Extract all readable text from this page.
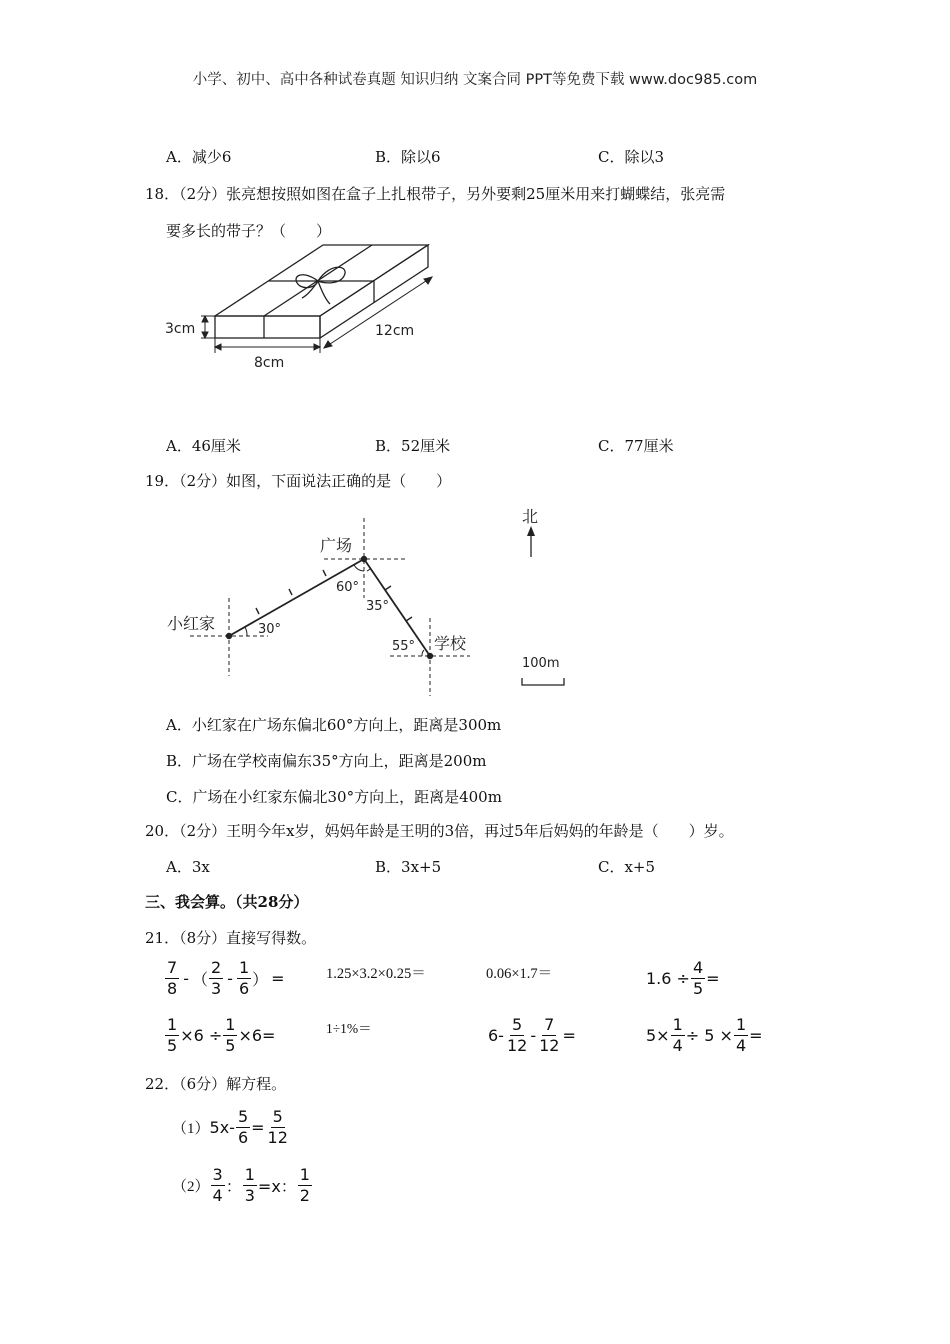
小学、初中、高中各种试卷真题 知识归纳 文案合同 PPT等免费下载 www.doc985.com
A．减少6	B．除以6	C．除以3
18．（2分）张亮想按照如图在盒子上扎根带子，另外要剩25厘米用来打蝴蝶结，张亮需
要多长的带子？（　　）
3cm
8cm
12cm
A．46厘米	B．52厘米	C．77厘米
19．（2分）如图，下面说法正确的是（　　）
北
100m
广场
小红家
学校
60°
35°
30°
55°
A．小红家在广场东偏北60°方向上，距离是300m
B．广场在学校南偏东35°方向上，距离是200m
C．广场在小红家东偏北30°方向上，距离是400m
20．（2分）王明今年x岁，妈妈年龄是王明的3倍，再过5年后妈妈的年龄是（　　）岁。
A．3x	B．3x+5	C．x+5
三、我会算。（共28分）
21．（8分）直接写得数。
$\frac{7}{8}$ - （ $\frac{2}{3} - \frac{1}{6}$ ） =	1.25×3.2×0.25＝	0.06×1.7＝	$1.6 \div \frac{4}{5}$ =
$\frac{1}{5} \times 6 \div \frac{1}{5} \times 6=$	1÷1%＝	$6- \frac{5}{12} - \frac{7}{12}$ =	$5\times \frac{1}{4} \div 5 \times \frac{1}{4}$ =
22．（6分）解方程。
（1） $5x- \frac{5}{6} = \frac{5}{12}$
$(2) \frac{3}{4}$ ： $\frac{1}{3} =x$： $\frac{1}{2}$
